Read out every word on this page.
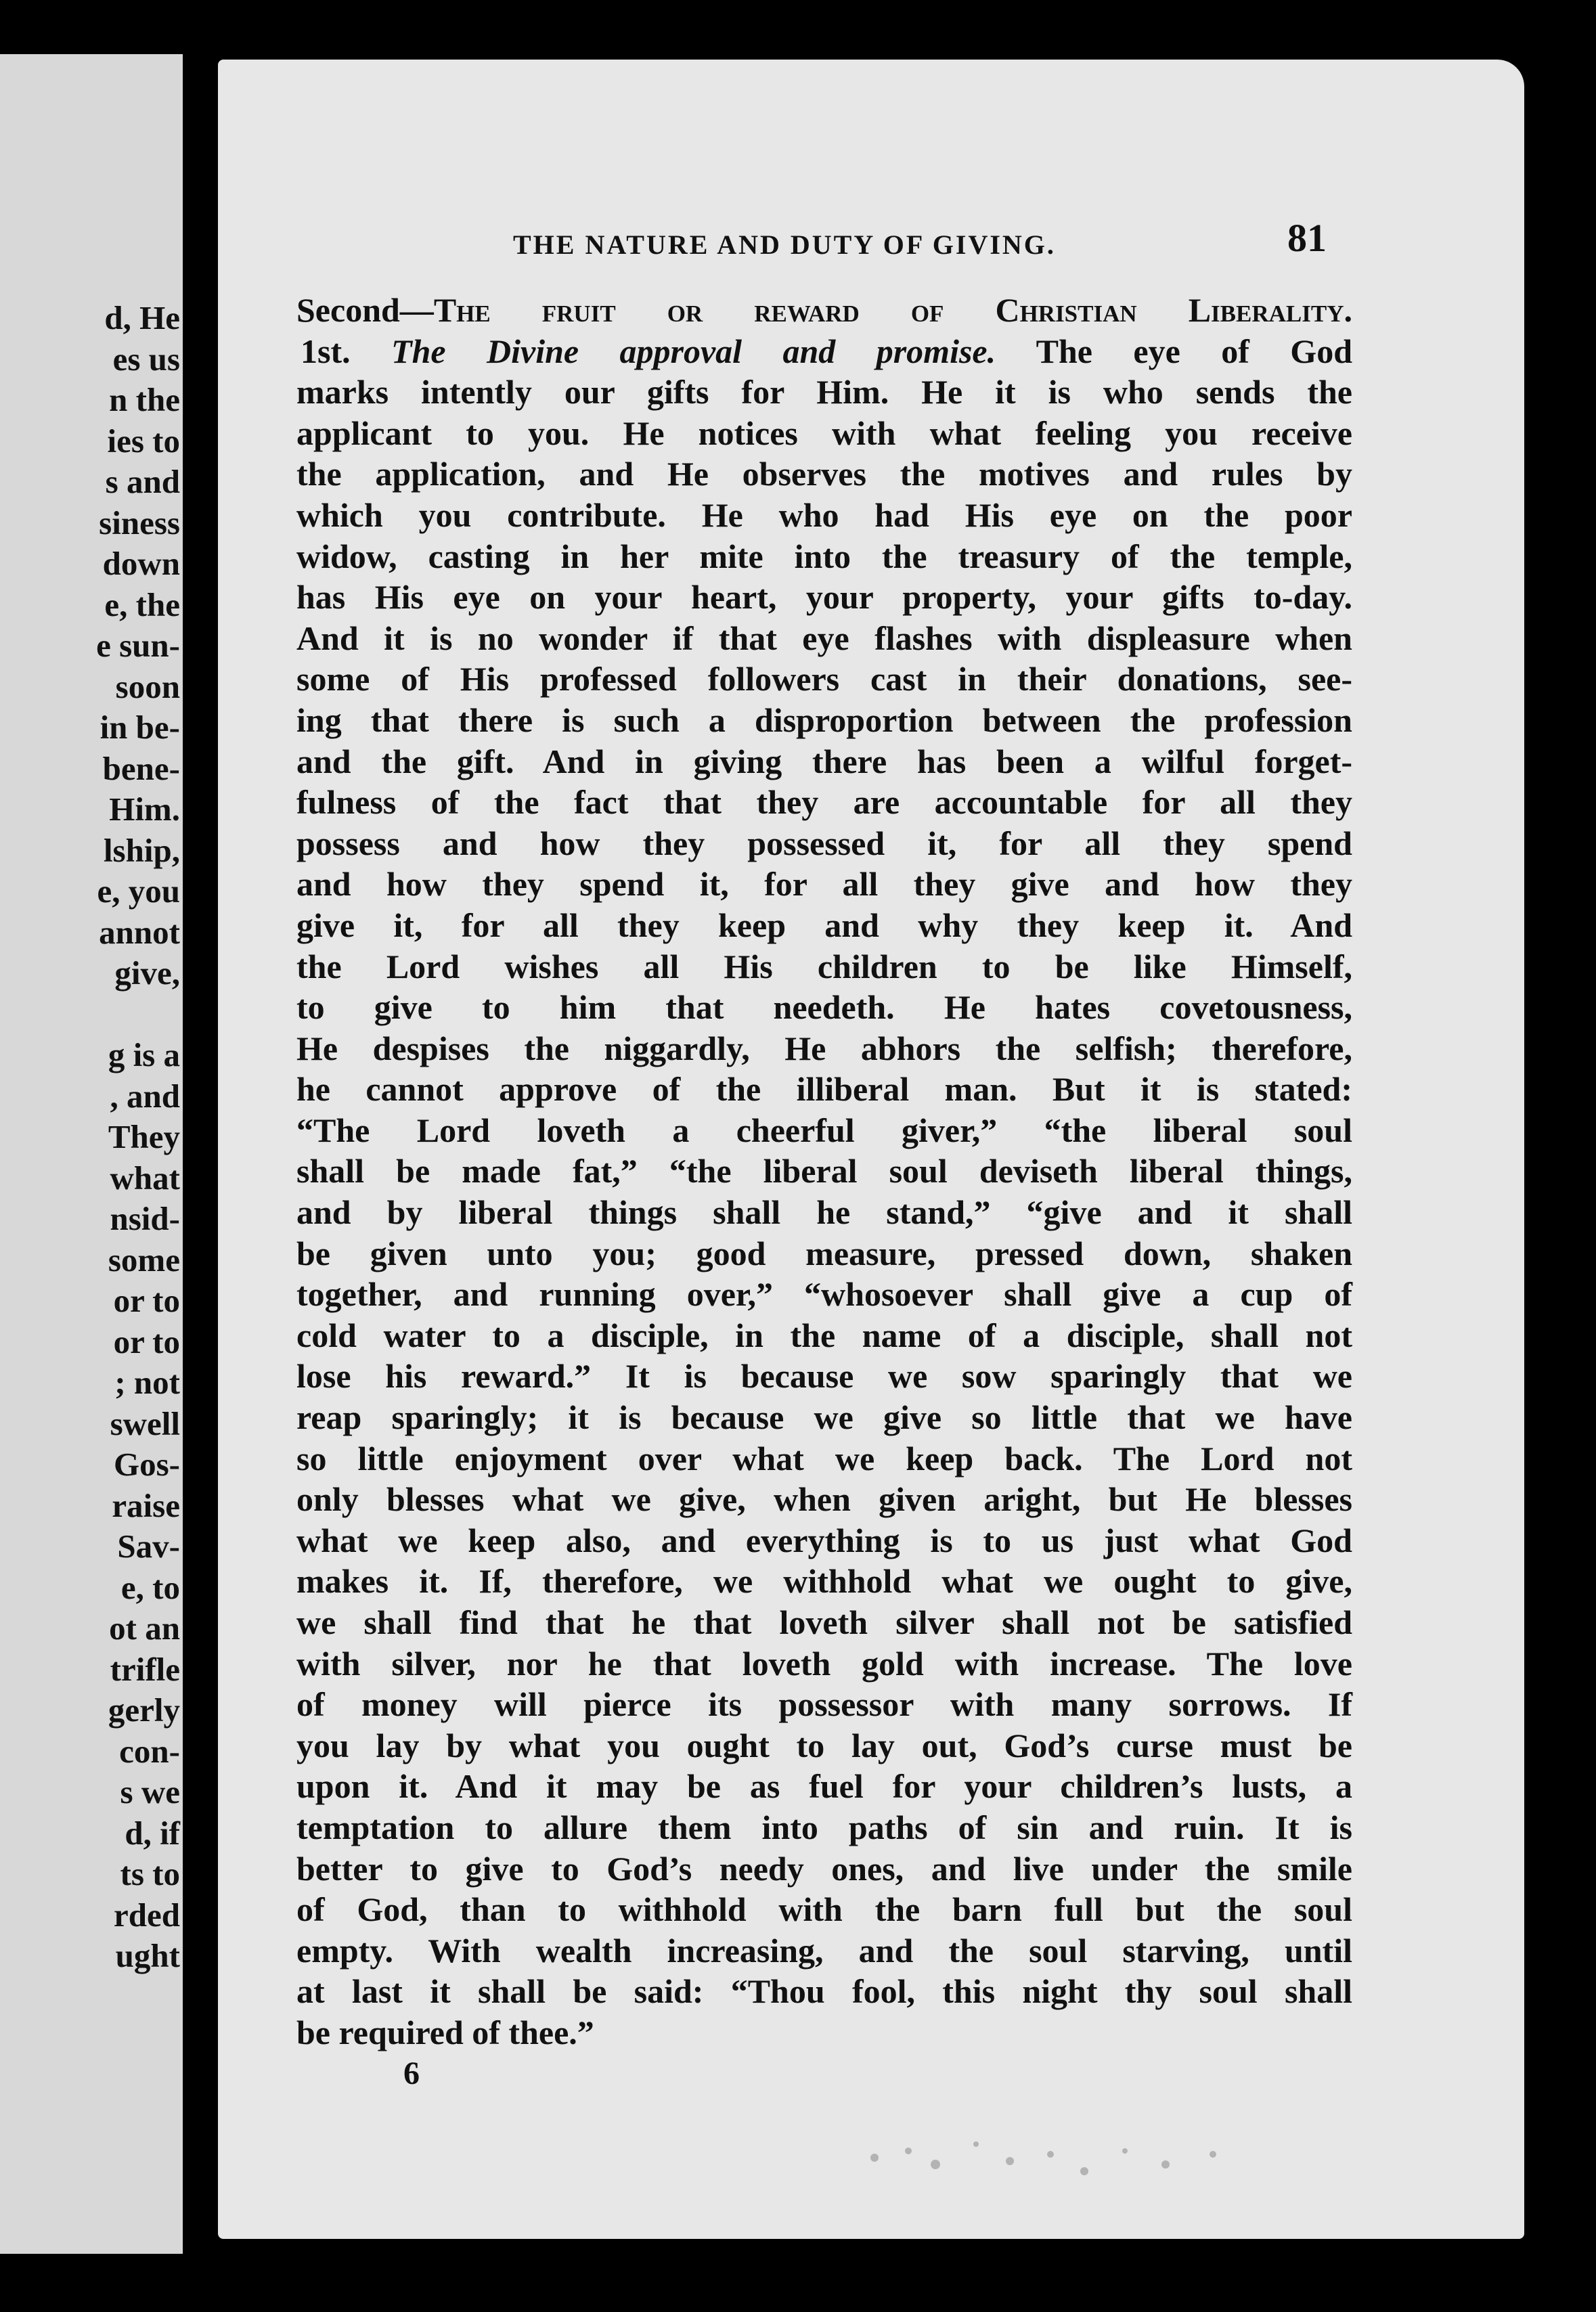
d, He
es us
n the
ies to
s and
siness
down
e, the
e sun-
soon
in be-
bene-
Him.
lship,
e, you
annot
give,

g is a
, and
They
what
nsid-
some
or to
or to
; not
swell
Gos-
raise
Sav-
e, to
ot an
trifle
gerly
con-
s we
d, if
ts to
rded
ught
THE NATURE AND DUTY OF GIVING.	81
Second—The fruit or reward of Christian Liberality.
1st. The Divine approval and promise. The eye of God
marks intently our gifts for Him. He it is who sends the
applicant to you. He notices with what feeling you receive
the application, and He observes the motives and rules by
which you contribute. He who had His eye on the poor
widow, casting in her mite into the treasury of the temple,
has His eye on your heart, your property, your gifts to-day.
And it is no wonder if that eye flashes with displeasure when
some of His professed followers cast in their donations, see-
ing that there is such a disproportion between the profession
and the gift. And in giving there has been a wilful forget-
fulness of the fact that they are accountable for all they
possess and how they possessed it, for all they spend
and how they spend it, for all they give and how they
give it, for all they keep and why they keep it. And
the Lord wishes all His children to be like Himself,
to give to him that needeth. He hates covetousness,
He despises the niggardly, He abhors the selfish; therefore,
he cannot approve of the illiberal man. But it is stated:
“The Lord loveth a cheerful giver,” “the liberal soul
shall be made fat,” “the liberal soul deviseth liberal things,
and by liberal things shall he stand,” “give and it shall
be given unto you; good measure, pressed down, shaken
together, and running over,” “whosoever shall give a cup of
cold water to a disciple, in the name of a disciple, shall not
lose his reward.” It is because we sow sparingly that we
reap sparingly; it is because we give so little that we have
so little enjoyment over what we keep back. The Lord not
only blesses what we give, when given aright, but He blesses
what we keep also, and everything is to us just what God
makes it. If, therefore, we withhold what we ought to give,
we shall find that he that loveth silver shall not be satisfied
with silver, nor he that loveth gold with increase. The love
of money will pierce its possessor with many sorrows. If
you lay by what you ought to lay out, God’s curse must be
upon it. And it may be as fuel for your children’s lusts, a
temptation to allure them into paths of sin and ruin. It is
better to give to God’s needy ones, and live under the smile
of God, than to withhold with the barn full but the soul
empty. With wealth increasing, and the soul starving, until
at last it shall be said: “Thou fool, this night thy soul shall
be required of thee.”
6
